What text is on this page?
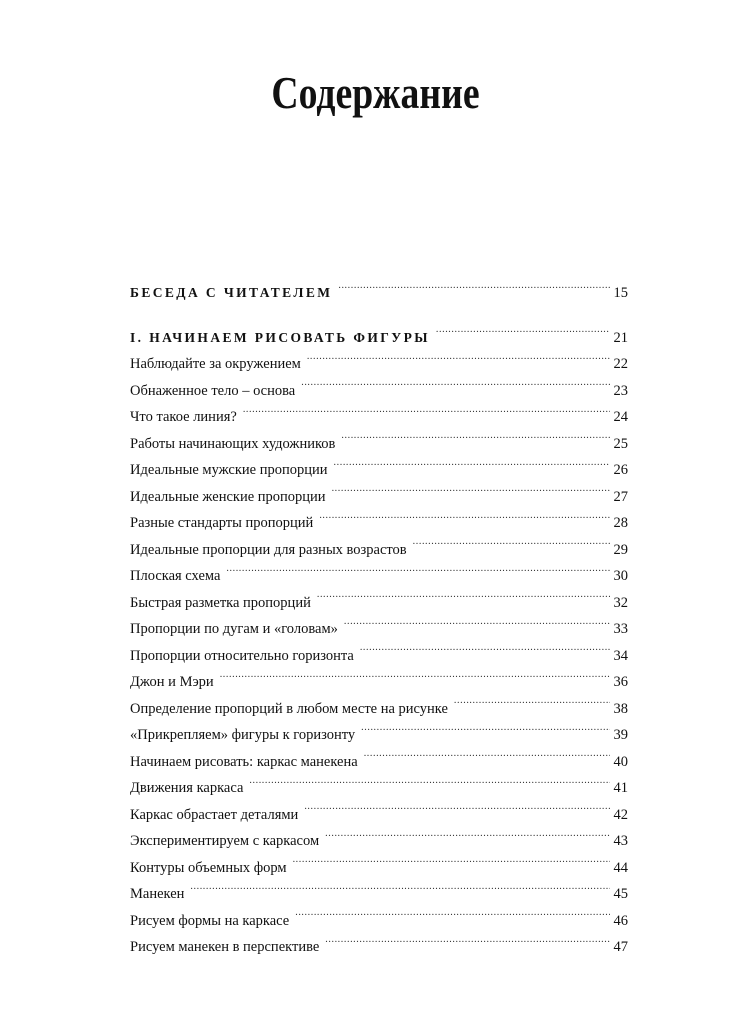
Содержание
БЕСЕДА С ЧИТАТЕЛЕМ .....	15
I. НАЧИНАЕМ РИСОВАТЬ ФИГУРЫ .....	21
Наблюдайте за окружением .....	22
Обнаженное тело – основа .....	23
Что такое линия? .....	24
Работы начинающих художников .....	25
Идеальные мужские пропорции .....	26
Идеальные женские пропорции .....	27
Разные стандарты пропорций .....	28
Идеальные пропорции для разных возрастов .....	29
Плоская схема .....	30
Быстрая разметка пропорций .....	32
Пропорции по дугам и «головам» .....	33
Пропорции относительно горизонта .....	34
Джон и Мэри .....	36
Определение пропорций в любом месте на рисунке .....	38
«Прикрепляем» фигуры к горизонту .....	39
Начинаем рисовать: каркас манекена .....	40
Движения каркаса .....	41
Каркас обрастает деталями .....	42
Экспериментируем с каркасом .....	43
Контуры объемных форм .....	44
Манекен .....	45
Рисуем формы на каркасе .....	46
Рисуем манекен в перспективе .....	47
